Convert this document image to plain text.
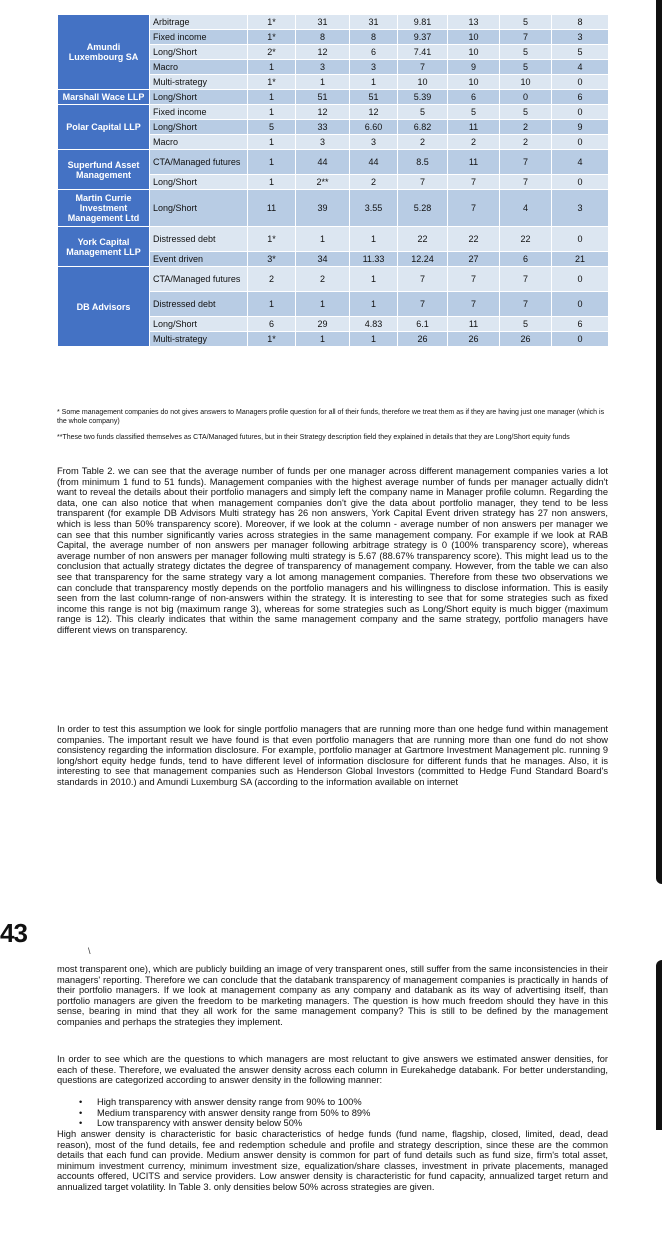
Amundi Luxembourg SA	Arbitrage	1*	31	31	9.81	13	5	8
	Fixed income	1*	8	8	9.37	10	7	3
	Long/Short	2*	12	6	7.41	10	5	5
	Macro	1	3	3	7	9	5	4
	Multi-strategy	1*	1	1	10	10	10	0
Marshall Wace LLP	Long/Short	1	51	51	5.39	6	0	6
Polar Capital LLP	Fixed income	1	12	12	5	5	5	0
	Long/Short	5	33	6.60	6.82	11	2	9
	Macro	1	3	3	2	2	2	0
Superfund Asset Management	CTA/Managed futures	1	44	44	8.5	11	7	4
	Long/Short	1	2**	2	7	7	7	0
Martin Currie Investment Management Ltd	Long/Short	11	39	3.55	5.28	7	4	3
York Capital Management LLP	Distressed debt	1*	1	1	22	22	22	0
	Event driven	3*	34	11.33	12.24	27	6	21
DB Advisors	CTA/Managed futures	2	2	1	7	7	7	0
	Distressed debt	1	1	1	7	7	7	0
	Long/Short	6	29	4.83	6.1	11	5	6
	Multi-strategy	1*	1	1	26	26	26	0
* Some management companies do not gives answers to Managers profile question for all of their funds, therefore we treat them as if they are having just one manager (which is the whole company)
**These two funds classified themselves as CTA/Managed futures, but in their Strategy description field they explained in details that they are Long/Short equity funds
From Table 2. we can see that the average number of funds per one manager across different management companies varies a lot (from minimum 1 fund to 51 funds). Management companies with the highest average number of funds per manager actually didn't want to reveal the details about their portfolio managers and simply left the company name in Manager profile column. Regarding the data, one can also notice that when management companies don't give the data about portfolio manager, they tend to be less transparent (for example DB Advisors Multi strategy has 26 non answers, York Capital Event driven strategy has 27 non answers, which is less than 50% transparency score). Moreover, if we look at the column - average number of non answers per manager we can see that this number significantly varies across strategies in the same management company. For example if we look at RAB Capital, the average number of non answers per manager following arbitrage strategy is 0 (100% transparency score), whereas average number of non answers per manager following multi strategy is 5.67 (88.67% transparency score). This might lead us to the conclusion that actually strategy dictates the degree of transparency of management company. However, from the table we can also see that transparency for the same strategy vary a lot among management companies. Therefore from these two observations we can conclude that transparency mostly depends on the portfolio managers and his willingness to disclose information. This is easily seen from the last column-range of non-answers within the strategy. It is interesting to see that for some strategies such as fixed income this range is not big (maximum range 3), whereas for some strategies such as Long/Short equity is much bigger (maximum range is 12). This clearly indicates that within the same management company and the same strategy, portfolio managers have different views on transparency.
In order to test this assumption we look for single portfolio managers that are running more than one hedge fund within management companies. The important result we have found is that even portfolio managers that are running more than one fund do not show consistency regarding the information disclosure. For example, portfolio manager at Gartmore Investment Management plc. running 9 long/short equity hedge funds, tend to have different level of information disclosure for different funds that he manages. Also, it is interesting to see that management companies such as Henderson Global Investors (committed to Hedge Fund Standard Board's standards in 2010.) and Amundi Luxemburg SA (according to the information available on internet
43
\
most transparent one), which are publicly building an image of very transparent ones, still suffer from the same inconsistencies in their managers' reporting. Therefore we can conclude that the databank transparency of management companies is practically in hands of their portfolio managers. If we look at management company as any company and databank as its way of advertising itself, than portfolio managers are given the freedom to be marketing managers. The question is how much freedom should they have in this sense, bearing in mind that they all work for the same management company? This is still to be defined by the management companies and perhaps the strategies they implement.
In order to see which are the questions to which managers are most reluctant to give answers we estimated answer densities, for each of these. Therefore, we evaluated the answer density across each column in Eurekahedge databank. For better understanding, questions are categorized according to answer density in the following manner:
• High transparency with answer density range from 90% to 100%
• Medium transparency with answer density range from 50% to 89%
• Low transparency with answer density below 50%
High answer density is characteristic for basic characteristics of hedge funds (fund name, flagship, closed, limited, dead, dead reason), most of the fund details, fee and redemption schedule and profile and strategy description, since these are the common details that each fund can provide. Medium answer density is common for part of fund details such as fund size, firm's total asset, minimum investment currency, minimum investment size, equalization/share classes, investment in private placements, managed accounts offered, UCITS and service providers. Low answer density is characteristic for fund capacity, annualized target return and annualized target volatility. In Table 3. only densities below 50% across strategies are given.
